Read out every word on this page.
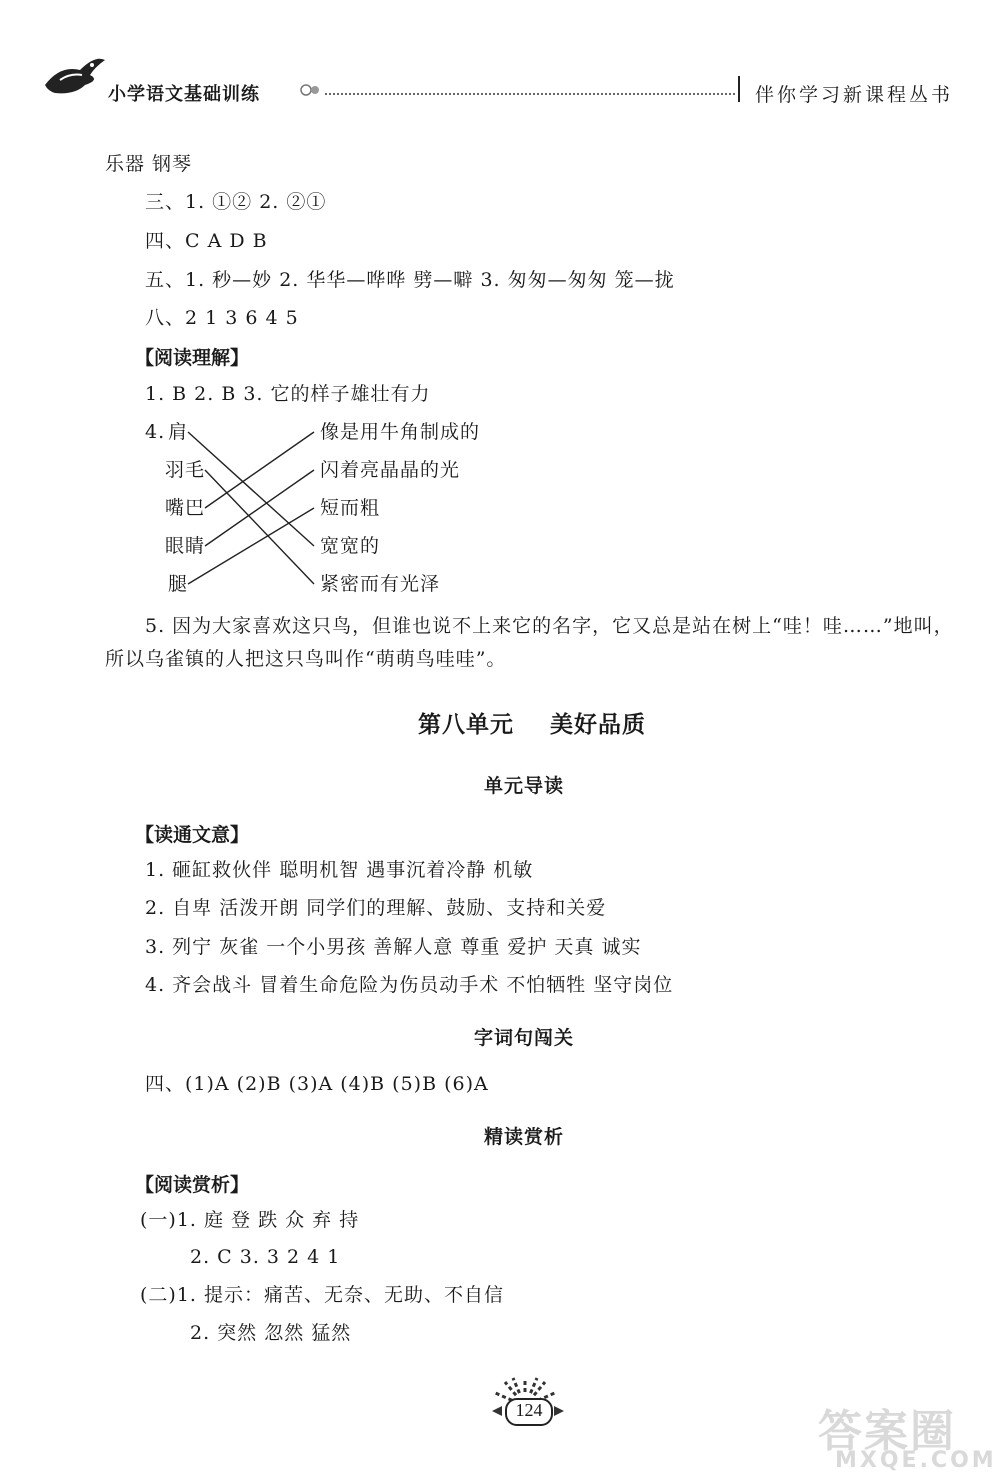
小学语文基础训练	伴你学习新课程丛书
乐器 钢琴
三、1. ①② 2. ②①
四、C A D B
五、1. 秒—妙 2. 华华—哗哗 劈—噼 3. 匆匆—匆匆 笼—拢
八、2 1 3 6 4 5
【阅读理解】
1. B 2. B 3. 它的样子雄壮有力
4. 肩
羽毛
嘴巴
眼睛
腿
像是用牛角制成的
闪着亮晶晶的光
短而粗
宽宽的
紧密而有光泽
5. 因为大家喜欢这只鸟，但谁也说不上来它的名字，它又总是站在树上“哇！哇……”地叫，
所以乌雀镇的人把这只鸟叫作“萌萌鸟哇哇”。
第八单元    美好品质
单元导读
【读通文意】
1. 砸缸救伙伴 聪明机智 遇事沉着冷静 机敏
2. 自卑 活泼开朗 同学们的理解、鼓励、支持和关爱
3. 列宁 灰雀 一个小男孩 善解人意 尊重 爱护 天真 诚实
4. 齐会战斗 冒着生命危险为伤员动手术 不怕牺牲 坚守岗位
字词句闯关
四、(1)A (2)B (3)A (4)B (5)B (6)A
精读赏析
【阅读赏析】
(一)1. 庭 登 跌 众 弃 持
2. C 3. 3 2 4 1
(二)1. 提示：痛苦、无奈、无助、不自信
2. 突然 忽然 猛然
124	答案圈
MXQE.COM
